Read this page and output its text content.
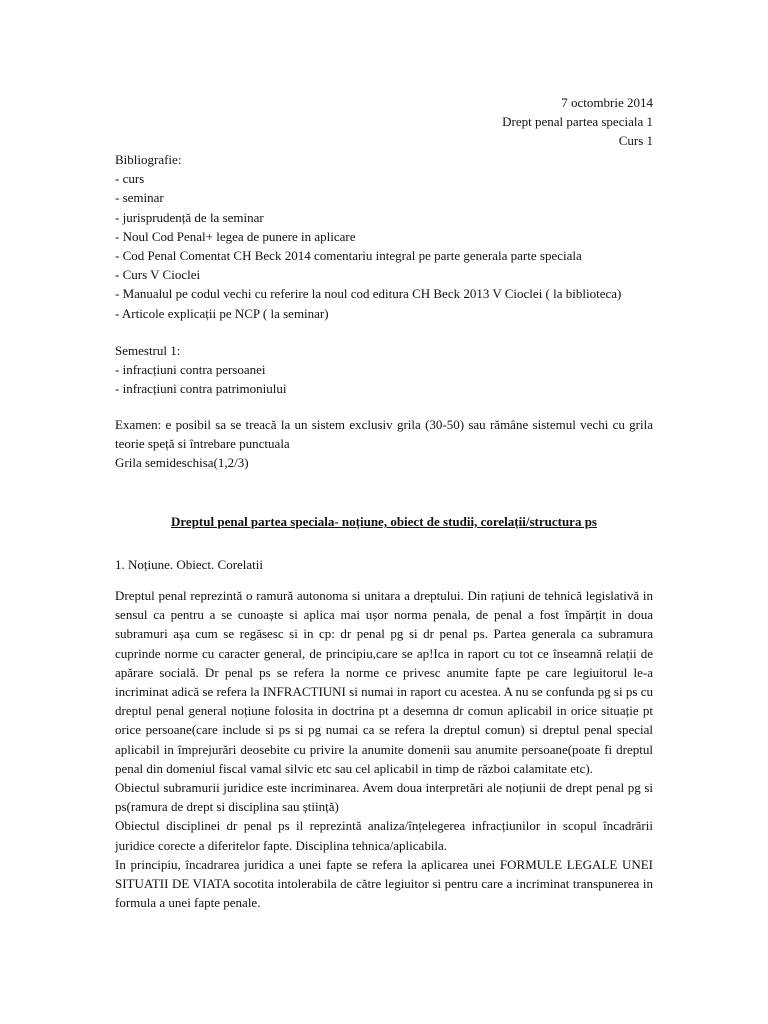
7 octombrie 2014
Drept penal partea speciala 1
Curs 1
Bibliografie:
- curs
- seminar
- jurisprudență de la seminar
- Noul Cod Penal+ legea de punere in aplicare
- Cod Penal Comentat CH Beck 2014 comentariu integral pe parte generala parte speciala
- Curs V Cioclei
- Manualul pe codul vechi cu referire la noul cod editura CH Beck 2013 V Cioclei ( la biblioteca)
- Articole explicații pe NCP ( la seminar)
Semestrul 1:
- infracțiuni contra persoanei
- infracțiuni contra patrimoniului

Examen: e posibil sa se treacă la un sistem exclusiv grila (30-50) sau rămâne sistemul vechi cu grila teorie speță si întrebare punctuala

Grila semideschisa(1,2/3)
Dreptul penal partea speciala- noțiune, obiect de studii, corelații/structura ps
1. Noțiune. Obiect. Corelatii

Dreptul penal reprezintă o ramură autonoma si unitara a dreptului. Din rațiuni de tehnică legislativă in sensul ca pentru a se cunoaște si aplica mai ușor norma penala, de penal a fost împărțit in doua subramuri așa cum se regăsesc si in cp: dr penal pg si dr penal ps. Partea generala ca subramura cuprinde norme cu caracter general, de principiu,care se ap!Ica in raport cu tot ce înseamnă relații de apărare socială. Dr penal ps se refera la norme ce privesc anumite fapte pe care legiuitorul le-a incriminat adică se refera la INFRACTIUNI si numai in raport cu acestea. A nu se confunda pg si ps cu dreptul penal general noțiune folosita in doctrina pt a desemna dr comun aplicabil in orice situație pt orice persoane(care include si ps si pg numai ca se refera la dreptul comun) si dreptul penal special aplicabil in împrejurări deosebite cu privire la anumite domenii sau anumite persoane(poate fi dreptul penal din domeniul fiscal vamal silvic etc sau cel aplicabil in timp de război calamitate etc).

Obiectul subramurii juridice este incriminarea. Avem doua interpretări ale noțiunii de drept penal pg si ps(ramura de drept si disciplina sau știință)

Obiectul disciplinei dr penal ps il reprezintă analiza/înțelegerea infracțiunilor in scopul încadrării juridice corecte a diferitelor fapte. Disciplina tehnica/aplicabila.

In principiu, încadrarea juridica a unei fapte se refera la aplicarea unei FORMULE LEGALE UNEI SITUATII DE VIATA socotita intolerabila de către legiuitor si pentru care a incriminat transpunerea in formula a unei fapte penale.
